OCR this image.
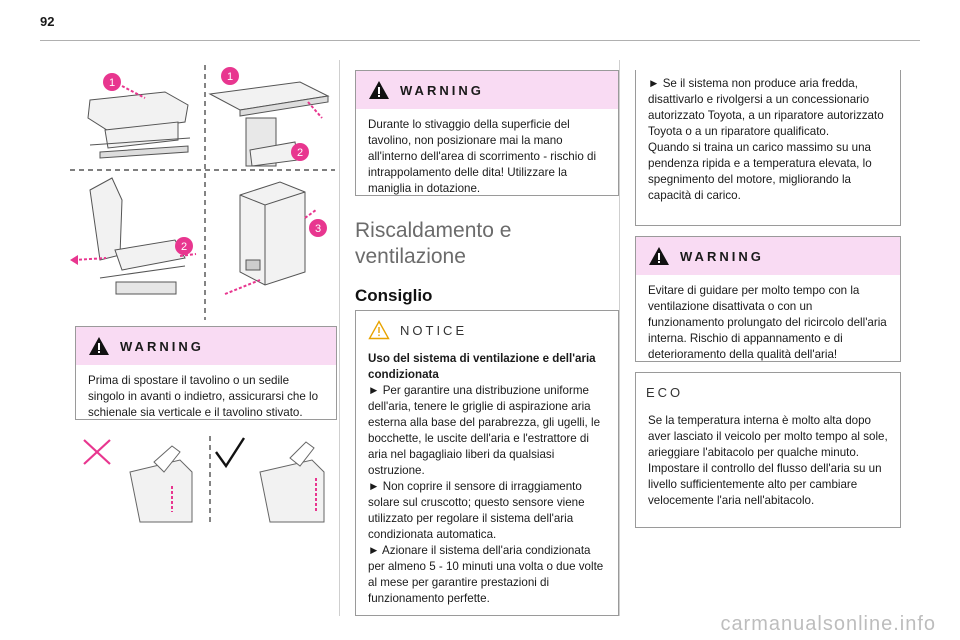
92
1	1
2
2
3
WARNING
Prima di spostare il tavolino o un sedile singolo in avanti o indietro, assicurarsi che lo schienale sia verticale e il tavolino stivato.
WARNING
Durante lo stivaggio della superficie del tavolino, non posizionare mai la mano all'interno dell'area di scorrimento - rischio di intrappolamento delle dita! Utilizzare la maniglia in dotazione.
Riscaldamento e ventilazione
Consiglio
NOTICE
Uso del sistema di ventilazione e dell'aria condizionata
► Per garantire una distribuzione uniforme dell'aria, tenere le griglie di aspirazione aria esterna alla base del parabrezza, gli ugelli, le bocchette, le uscite dell'aria e l'estrattore di aria nel bagagliaio liberi da qualsiasi ostruzione.
► Non coprire il sensore di irraggiamento solare sul cruscotto; questo sensore viene utilizzato per regolare il sistema dell'aria condizionata automatica.
► Azionare il sistema dell'aria condizionata per almeno 5 - 10 minuti una volta o due volte al mese per garantire prestazioni di funzionamento perfette.
► Se il sistema non produce aria fredda, disattivarlo e rivolgersi a un concessionario autorizzato Toyota, a un riparatore autorizzato Toyota o a un riparatore qualificato.
Quando si traina un carico massimo su una pendenza ripida e a temperatura elevata, lo spegnimento del motore, migliorando la capacità di carico.
WARNING
Evitare di guidare per molto tempo con la ventilazione disattivata o con un funzionamento prolungato del ricircolo dell'aria interna. Rischio di appannamento e di deterioramento della qualità dell'aria!
ECO
Se la temperatura interna è molto alta dopo aver lasciato il veicolo per molto tempo al sole, arieggiare l'abitacolo per qualche minuto.
Impostare il controllo del flusso dell'aria su un livello sufficientemente alto per cambiare velocemente l'aria nell'abitacolo.
carmanualsonline.info
